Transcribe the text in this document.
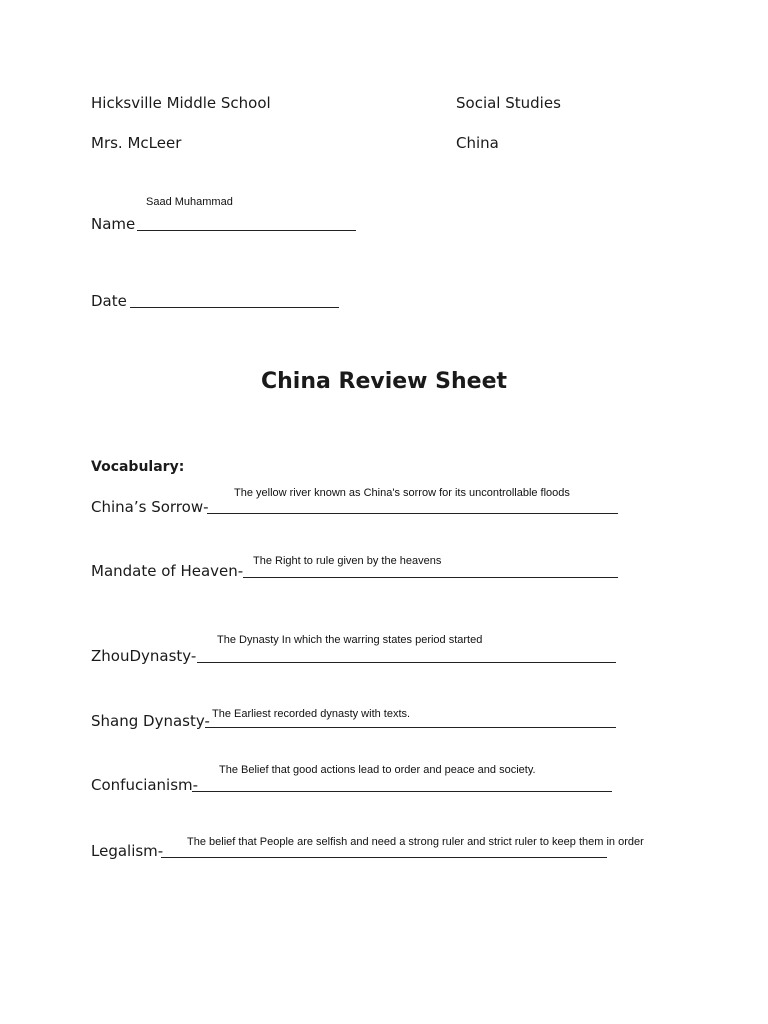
Hicksville Middle School	Social Studies
Mrs. McLeer	China
Saad Muhammad
Name
Date
China Review Sheet
Vocabulary:
The yellow river known as China's sorrow for its uncontrollable floods
China’s Sorrow-
The Right to rule given by the heavens
Mandate of Heaven-
The Dynasty In which the warring states period started
ZhouDynasty-
The Earliest recorded dynasty with texts.
Shang Dynasty-
The Belief that good actions lead to order and peace and society.
Confucianism-
The belief that People are selfish and need a strong ruler and strict ruler to keep them in order
Legalism-
